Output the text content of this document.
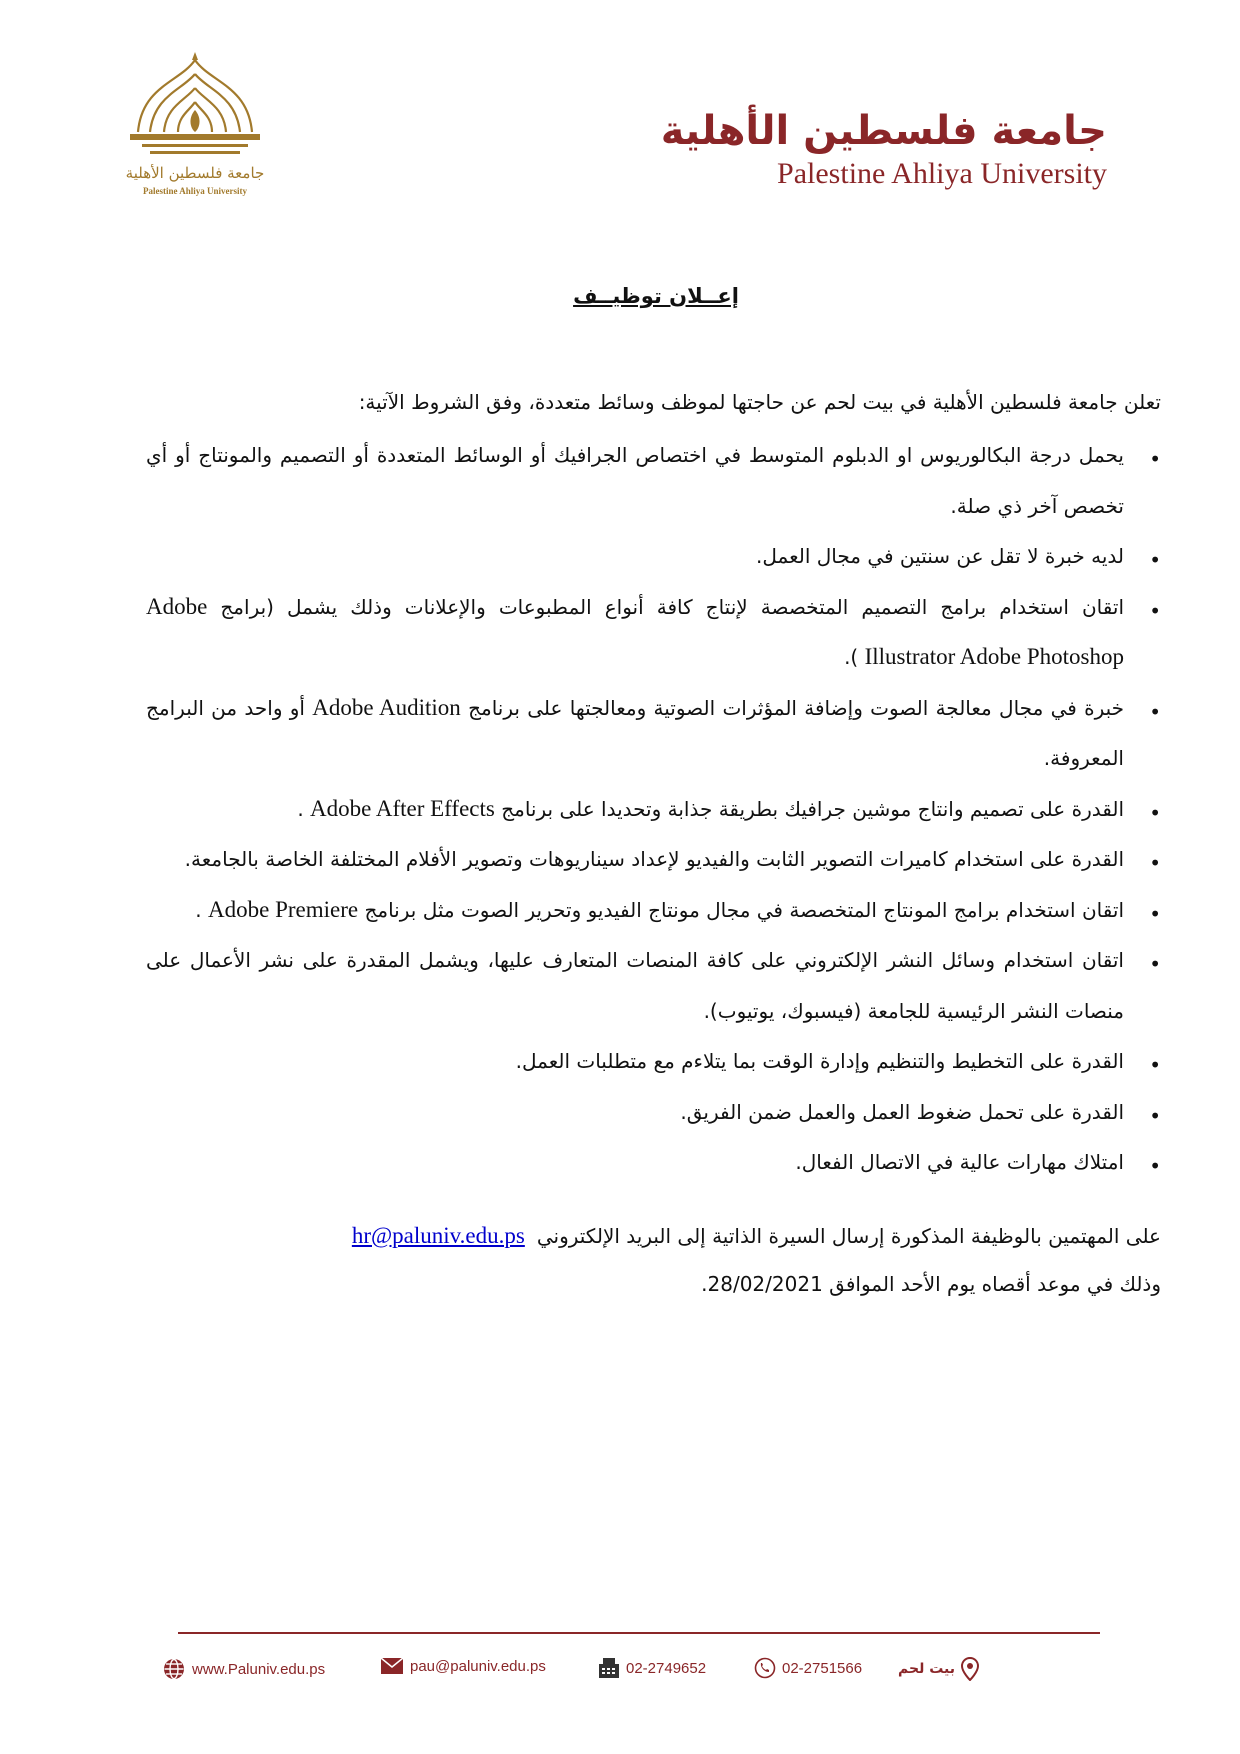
جامعة فلسطين الأهلية
Palestine Ahliya University
جامعة فلسطين الأهلية
Palestine Ahliya University
إعــلان توظيــف

تعلن جامعة فلسطين الأهلية في بيت لحم عن حاجتها لموظف وسائط متعددة، وفق الشروط الآتية:

• يحمل درجة البكالوريوس او الدبلوم المتوسط في اختصاص الجرافيك أو الوسائط المتعددة أو التصميم والمونتاج أو أي تخصص آخر ذي صلة.
• لديه خبرة لا تقل عن سنتين في مجال العمل.
• اتقان استخدام برامج التصميم المتخصصة لإنتاج كافة أنواع المطبوعات والإعلانات وذلك يشمل (برامج Adobe Illustrator Adobe Photoshop ).
• خبرة في مجال معالجة الصوت وإضافة المؤثرات الصوتية ومعالجتها على برنامج Adobe Audition أو واحد من البرامج المعروفة.
• القدرة على تصميم وانتاج موشين جرافيك بطريقة جذابة وتحديدا على برنامج Adobe After Effects .
• القدرة على استخدام كاميرات التصوير الثابت والفيديو لإعداد سيناريوهات وتصوير الأفلام المختلفة الخاصة بالجامعة.
• اتقان استخدام برامج المونتاج المتخصصة في مجال مونتاج الفيديو وتحرير الصوت مثل برنامج Adobe Premiere .
• اتقان استخدام وسائل النشر الإلكتروني على كافة المنصات المتعارف عليها، ويشمل المقدرة على نشر الأعمال على منصات النشر الرئيسية للجامعة (فيسبوك، يوتيوب).
• القدرة على التخطيط والتنظيم وإدارة الوقت بما يتلاءم مع متطلبات العمل.
• القدرة على تحمل ضغوط العمل والعمل ضمن الفريق.
• امتلاك مهارات عالية في الاتصال الفعال.
على المهتمين بالوظيفة المذكورة إرسال السيرة الذاتية إلى البريد الإلكترونيhr@paluniv.edu.ps
وذلك في موعد أقصاه يوم الأحد الموافق 28/02/2021.
www.Paluniv.edu.ps	pau@paluniv.edu.ps	02-2749652	02-2751566	بيت لحم
